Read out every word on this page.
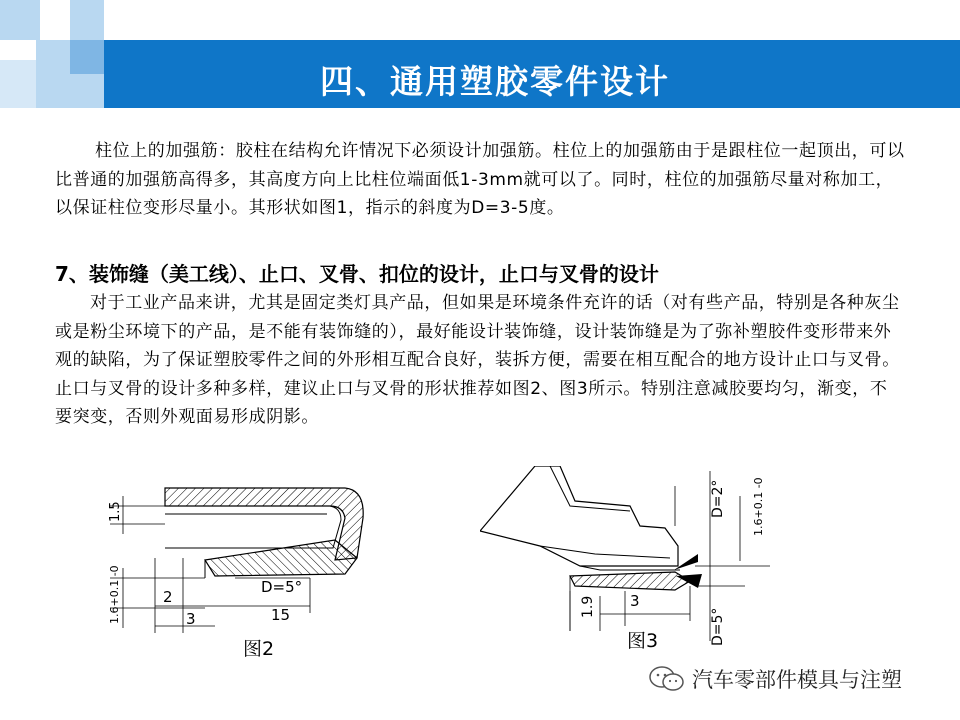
四、通用塑胶零件设计

柱位上的加强筋：胶柱在结构允许情况下必须设计加强筋。柱位上的加强筋由于是跟柱位一起顶出，可以比普通的加强筋高得多，其高度方向上比柱位端面低1-3mm就可以了。同时，柱位的加强筋尽量对称加工，以保证柱位变形尽量小。其形状如图1，指示的斜度为D=3-5度。

7、装饰缝（美工线）、止口、叉骨、扣位的设计，止口与叉骨的设计

对于工业产品来讲，尤其是固定类灯具产品，但如果是环境条件充许的话（对有些产品，特别是各种灰尘或是粉尘环境下的产品，是不能有装饰缝的），最好能设计装饰缝，设计装饰缝是为了弥补塑胶件变形带来外观的缺陷，为了保证塑胶零件之间的外形相互配合良好，装拆方便，需要在相互配合的地方设计止口与叉骨。止口与叉骨的设计多种多样，建议止口与叉骨的形状推荐如图2、图3所示。特别注意减胶要均匀，渐变，不要突变，否则外观面易形成阴影。

1.5
D=5°
2
15
1.6+0.1 -0	3
图2
D=2° 1.6+0.1 -0
1.9 3
D=5°
图3
汽车零部件模具与注塑
